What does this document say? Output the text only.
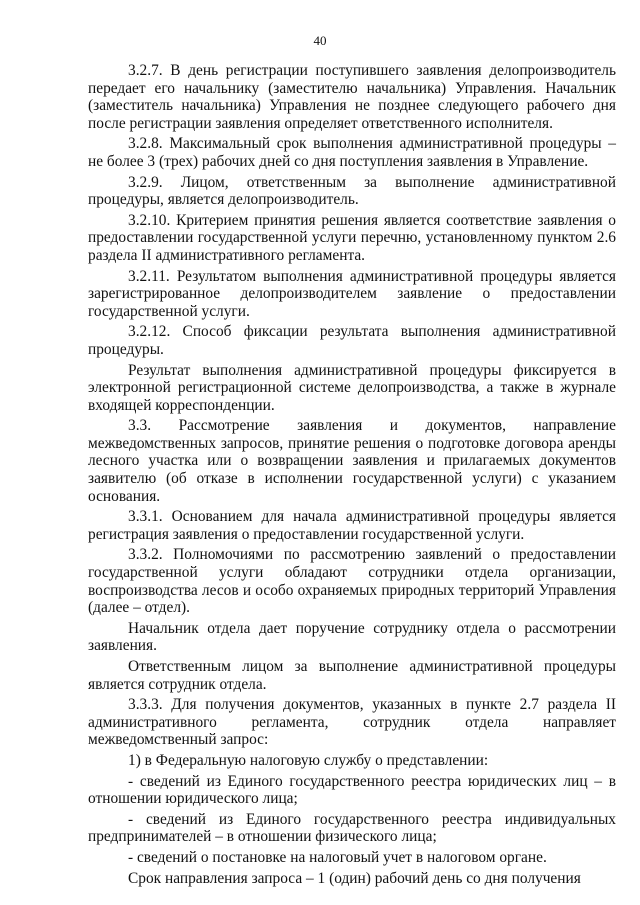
40

3.2.7. В день регистрации поступившего заявления делопроизводитель передает его начальнику (заместителю начальника) Управления. Начальник (заместитель начальника) Управления не позднее следующего рабочего дня после регистрации заявления определяет ответственного исполнителя.

3.2.8. Максимальный срок выполнения административной процедуры – не более 3 (трех) рабочих дней со дня поступления заявления в Управление.

3.2.9. Лицом, ответственным за выполнение административной процедуры, является делопроизводитель.

3.2.10. Критерием принятия решения является соответствие заявления о предоставлении государственной услуги перечню, установленному пунктом 2.6 раздела II административного регламента.

3.2.11. Результатом выполнения административной процедуры является зарегистрированное делопроизводителем заявление о предоставлении государственной услуги.

3.2.12. Способ фиксации результата выполнения административной процедуры.

Результат выполнения административной процедуры фиксируется в электронной регистрационной системе делопроизводства, а также в журнале входящей корреспонденции.

3.3. Рассмотрение заявления и документов, направление межведомственных запросов, принятие решения о подготовке договора аренды лесного участка или о возвращении заявления и прилагаемых документов заявителю (об отказе в исполнении государственной услуги) с указанием основания.

3.3.1. Основанием для начала административной процедуры является регистрация заявления о предоставлении государственной услуги.

3.3.2. Полномочиями по рассмотрению заявлений о предоставлении государственной услуги обладают сотрудники отдела организации, воспроизводства лесов и особо охраняемых природных территорий Управления (далее – отдел).

Начальник отдела дает поручение сотруднику отдела о рассмотрении заявления.

Ответственным лицом за выполнение административной процедуры является сотрудник отдела.

3.3.3. Для получения документов, указанных в пункте 2.7 раздела II административного регламента, сотрудник отдела направляет межведомственный запрос:

1) в Федеральную налоговую службу о представлении:

- сведений из Единого государственного реестра юридических лиц – в отношении юридического лица;

- сведений из Единого государственного реестра индивидуальных предпринимателей – в отношении физического лица;

- сведений о постановке на налоговый учет в налоговом органе.

Срок направления запроса – 1 (один) рабочий день со дня получения
